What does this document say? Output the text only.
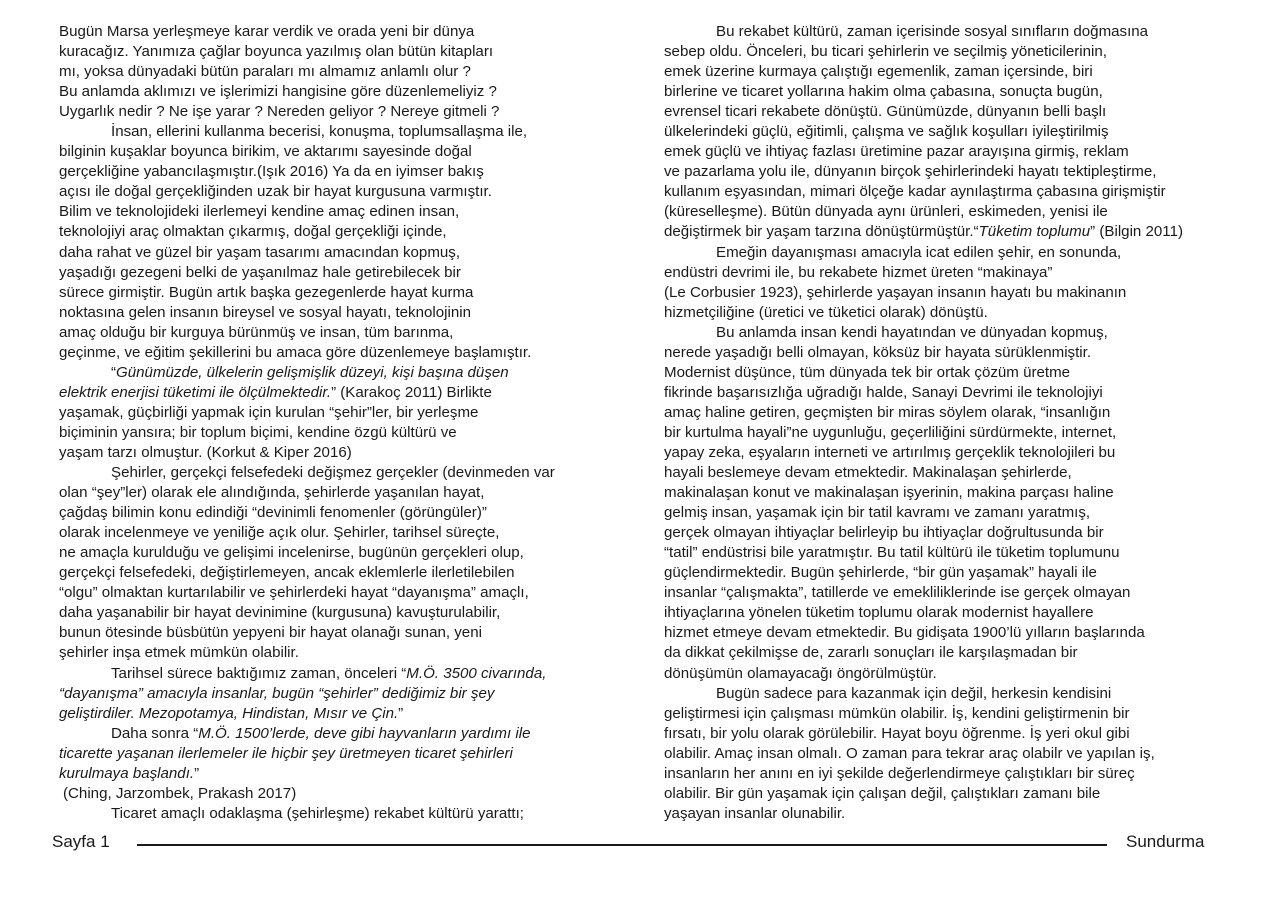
Bugün Marsa yerleşmeye karar verdik ve orada yeni bir dünya
kuracağız. Yanımıza çağlar boyunca yazılmış olan bütün kitapları
mı, yoksa dünyadaki bütün paraları mı almamız anlamlı olur ?
Bu anlamda aklımızı ve işlerimizi hangisine göre düzenlemeliyiz ?
Uygarlık nedir ? Ne işe yarar ? Nereden geliyor ? Nereye gitmeli ?
İnsan, ellerini kullanma becerisi, konuşma, toplumsallaşma ile,
bilginin kuşaklar boyunca birikim, ve aktarımı sayesinde doğal
gerçekliğine yabancılaşmıştır.(Işık 2016) Ya da en iyimser bakış
açısı ile doğal gerçekliğinden uzak bir hayat kurgusuna varmıştır.
Bilim ve teknolojideki ilerlemeyi kendine amaç edinen insan,
teknolojiyi araç olmaktan çıkarmış, doğal gerçekliği içinde,
daha rahat ve güzel bir yaşam tasarımı amacından kopmuş,
yaşadığı gezegeni belki de yaşanılmaz hale getirebilecek bir
sürece girmiştir. Bugün artık başka gezegenlerde hayat kurma
noktasına gelen insanın bireysel ve sosyal hayatı, teknolojinin
amaç olduğu bir kurguya bürünmüş ve insan, tüm barınma,
geçinme, ve eğitim şekillerini bu amaca göre düzenlemeye başlamıştır.
“Günümüzde, ülkelerin gelişmişlik düzeyi, kişi başına düşen
elektrik enerjisi tüketimi ile ölçülmektedir.” (Karakoç 2011) Birlikte
yaşamak, güçbirliği yapmak için kurulan “şehir”ler, bir yerleşme
biçiminin yansıra; bir toplum biçimi, kendine özgü kültürü ve
yaşam tarzı olmuştur. (Korkut & Kiper 2016)
Şehirler, gerçekçi felsefedeki değişmez gerçekler (devinmeden var
olan “şey”ler) olarak ele alındığında, şehirlerde yaşanılan hayat,
çağdaş bilimin konu edindiği “devinimli fenomenler (görüngüler)”
olarak incelenmeye ve yeniliğe açık olur. Şehirler, tarihsel süreçte,
ne amaçla kurulduğu ve gelişimi incelenirse, bugünün gerçekleri olup,
gerçekçi felsefedeki, değiştirlemeyen, ancak eklemlerle ilerletilebilen
“olgu” olmaktan kurtarılabilir ve şehirlerdeki hayat “dayanışma” amaçlı,
daha yaşanabilir bir hayat devinimine (kurgusuna) kavuşturulabilir,
bunun ötesinde büsbütün yepyeni bir hayat olanağı sunan, yeni
şehirler inşa etmek mümkün olabilir.
Tarihsel sürece baktığımız zaman, önceleri “M.Ö. 3500 civarında,
“dayanışma” amacıyla insanlar, bugün “şehirler” dediğimiz bir şey
geliştirdiler. Mezopotamya, Hindistan, Mısır ve Çin.”
Daha sonra “M.Ö. 1500’lerde, deve gibi hayvanların yardımı ile
ticarette yaşanan ilerlemeler ile hiçbir şey üretmeyen ticaret şehirleri
kurulmaya başlandı.”
(Ching, Jarzombek, Prakash 2017)
Ticaret amaçlı odaklaşma (şehirleşme) rekabet kültürü yarattı;
Bu rekabet kültürü, zaman içerisinde sosyal sınıfların doğmasına
sebep oldu. Önceleri, bu ticari şehirlerin ve seçilmiş yöneticilerinin,
emek üzerine kurmaya çalıştığı egemenlik, zaman içersinde, biri
birlerine ve ticaret yollarına hakim olma çabasına, sonuçta bugün,
evrensel ticari rekabete dönüştü. Günümüzde, dünyanın belli başlı
ülkelerindeki güçlü, eğitimli, çalışma ve sağlık koşulları iyileştirilmiş
emek güçlü ve ihtiyaç fazlası üretimine pazar arayışına girmiş, reklam
ve pazarlama yolu ile, dünyanın birçok şehirlerindeki hayatı tektipleştirme,
kullanım eşyasından, mimari ölçeğe kadar aynılaştırma çabasına girişmiştir
(küreselleşme). Bütün dünyada aynı ürünleri, eskimeden, yenisi ile
değiştirmek bir yaşam tarzına dönüştürmüştür.“Tüketim toplumu” (Bilgin 2011)
Emeğin dayanışması amacıyla icat edilen şehir, en sonunda,
endüstri devrimi ile, bu rekabete hizmet üreten “makinaya”
(Le Corbusier 1923), şehirlerde yaşayan insanın hayatı bu makinanın
hizmetçiliğine (üretici ve tüketici olarak) dönüştü.
Bu anlamda insan kendi hayatından ve dünyadan kopmuş,
nerede yaşadığı belli olmayan, köksüz bir hayata sürüklenmiştir.
Modernist düşünce, tüm dünyada tek bir ortak çözüm üretme
fikrinde başarısızlığa uğradığı halde, Sanayi Devrimi ile teknolojiyi
amaç haline getiren, geçmişten bir miras söylem olarak, “insanlığın
bir kurtulma hayali”ne uygunluğu, geçerliliğini sürdürmekte, internet,
yapay zeka, eşyaların interneti ve artırılmış gerçeklik teknolojileri bu
hayali beslemeye devam etmektedir. Makinalaşan şehirlerde,
makinalaşan konut ve makinalaşan işyerinin, makina parçası haline
gelmiş insan, yaşamak için bir tatil kavramı ve zamanı yaratmış,
gerçek olmayan ihtiyaçlar belirleyip bu ihtiyaçlar doğrultusunda bir
“tatil” endüstrisi bile yaratmıştır. Bu tatil kültürü ile tüketim toplumunu
güçlendirmektedir. Bugün şehirlerde, “bir gün yaşamak” hayali ile
insanlar “çalışmakta”, tatillerde ve emekliliklerinde ise gerçek olmayan
ihtiyaçlarına yönelen tüketim toplumu olarak modernist hayallere
hizmet etmeye devam etmektedir. Bu gidişata 1900’lü yılların başlarında
da dikkat çekilmişse de, zararlı sonuçları ile karşılaşmadan bir
dönüşümün olamayacağı öngörülmüştür.
Bugün sadece para kazanmak için değil, herkesin kendisini
geliştirmesi için çalışması mümkün olabilir. İş, kendini geliştirmenin bir
fırsatı, bir yolu olarak görülebilir. Hayat boyu öğrenme. İş yeri okul gibi
olabilir. Amaç insan olmalı. O zaman para tekrar araç olabilr ve yapılan iş,
insanların her anını en iyi şekilde değerlendirmeye çalıştıkları bir süreç
olabilir. Bir gün yaşamak için çalışan değil, çalıştıkları zamanı bile
yaşayan insanlar olunabilir.
Sayfa 1	Sundurma
